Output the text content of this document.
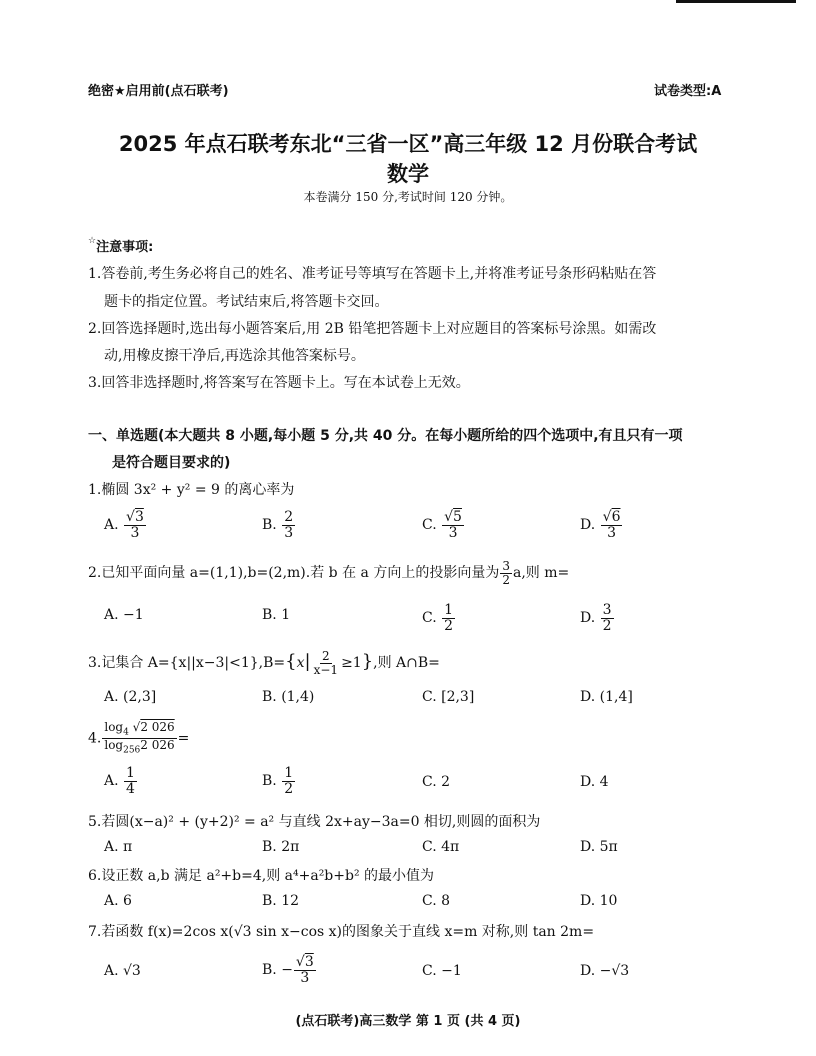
绝密★启用前(点石联考)	试卷类型:A
2025 年点石联考东北“三省一区”高三年级 12 月份联合考试
数学
本卷满分 150 分,考试时间 120 分钟。
☆注意事项:
1.答卷前,考生务必将自己的姓名、准考证号等填写在答题卡上,并将准考证号条形码粘贴在答
题卡的指定位置。考试结束后,将答题卡交回。
2.回答选择题时,选出每小题答案后,用 2B 铅笔把答题卡上对应题目的答案标号涂黑。如需改
动,用橡皮擦干净后,再选涂其他答案标号。
3.回答非选择题时,将答案写在答题卡上。写在本试卷上无效。
一、单选题(本大题共 8 小题,每小题 5 分,共 40 分。在每小题所给的四个选项中,有且只有一项
是符合题目要求的)
1.椭圆 3x² + y² = 9 的离心率为
A. $\frac{√3}{3}$	B. $\frac{2}{3}$	C. $\frac{√5}{3}$	D. $\frac{√6}{3}$
2.已知平面向量 a=(1,1),b=(2,m).若 b 在 a 方向上的投影向量为 $\frac{3}{2} a$,则 m=
A. −1	B. 1	C. $\frac{1}{2}$	D. $\frac{3}{2}$
3.记集合 $A=\{x||x-3|<1\},B=\{x| \frac{2}{x-1} \ge 1\}$,则 A∩B=
A. (2,3]	B. (1,4)	C. [2,3]	D. (1,4]
4. $\frac{\log_4 √2 026}{\log_{256}2 026}$ =
A. $\frac{1}{4}$	B. $\frac{1}{2}$	C. 2	D. 4
5.若圆(x−a)² + (y+2)² = a² 与直线 2x+ay−3a=0 相切,则圆的面积为
A. π	B. 2π	C. 4π	D. 5π
6.设正数 a,b 满足 a²+b=4,则 a⁴+a²b+b² 的最小值为
A. 6	B. 12	C. 8	D. 10
7.若函数 f(x)=2cos x(√3 sin x−cos x)的图象关于直线 x=m 对称,则 tan 2m=
A. √3	B. − $\frac{√3}{3}$	C. −1	D. −√3
(点石联考)高三数学 第 1 页 (共 4 页)
